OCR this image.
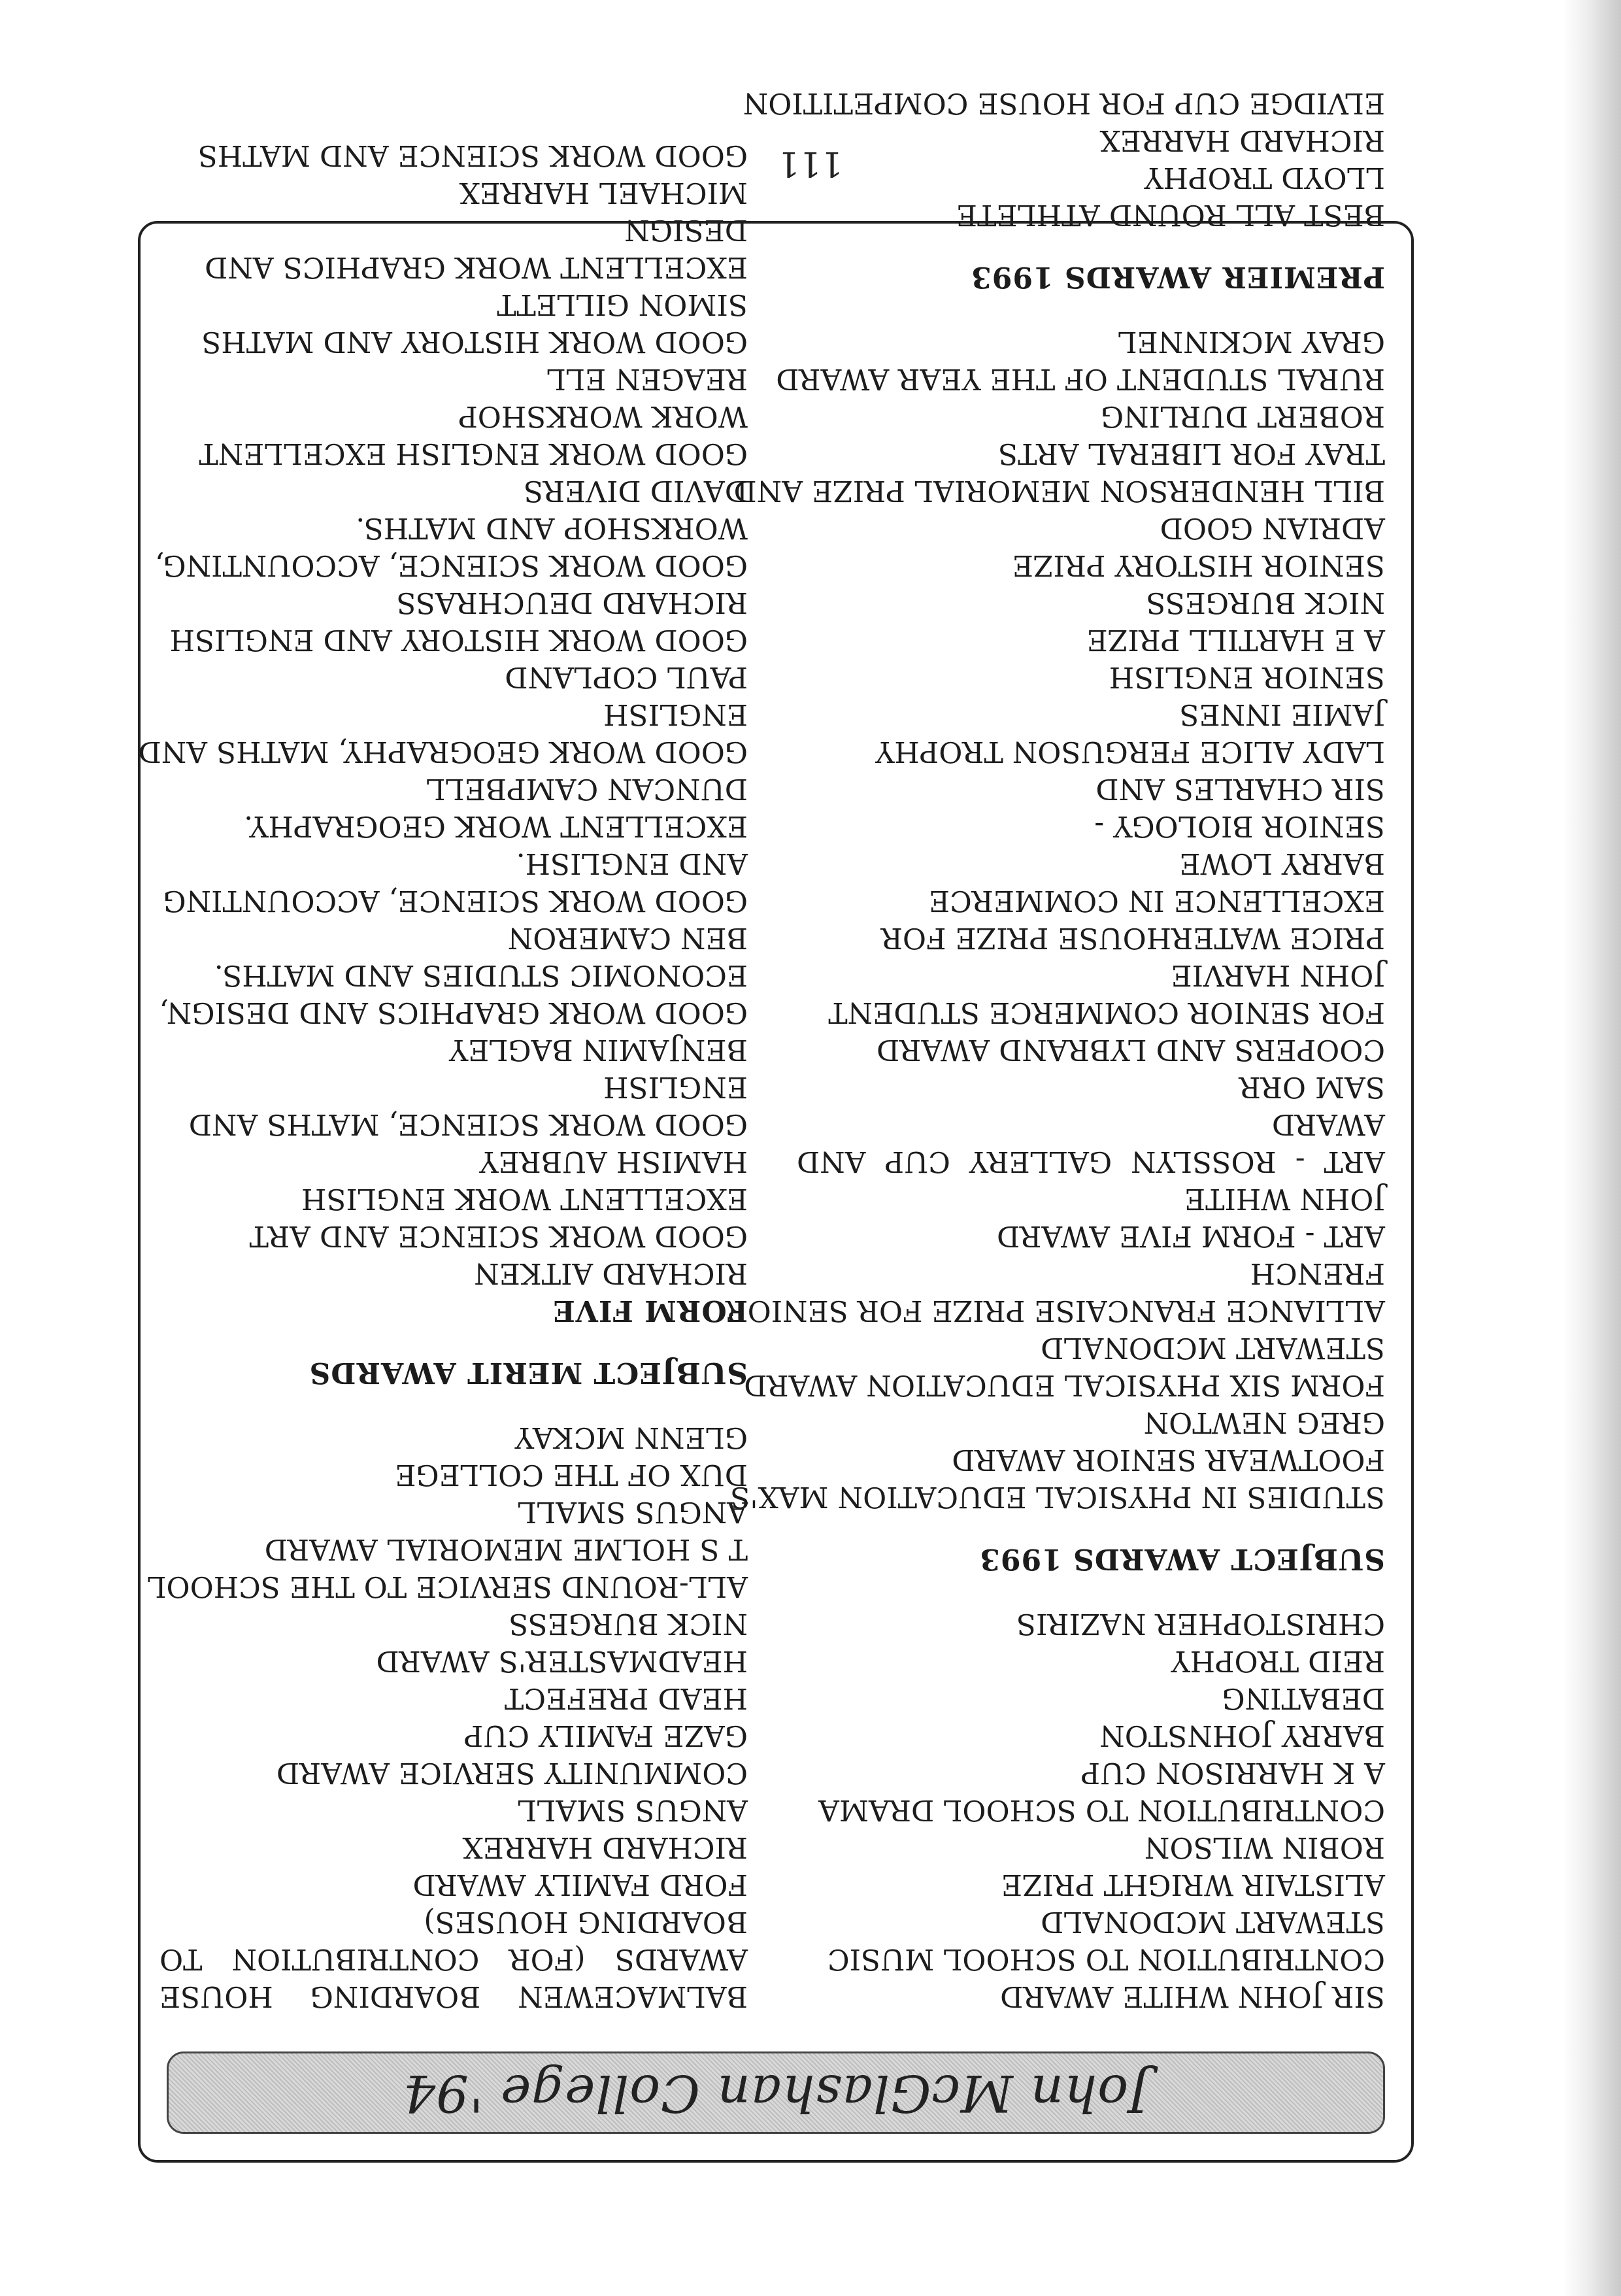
John McGlashan College '94
SIR JOHN WHITE AWARD
CONTRIBUTION TO SCHOOL MUSIC
STEWART MCDONALD
ALISTAIR WRIGHT PRIZE
ROBIN WILSON
CONTRIBUTION TO SCHOOL DRAMA
A K HARRISON CUP
BARRY JOHNSTON
DEBATING
REID TROPHY
CHRISTOPHER NAZIRIS
SUBJECT AWARDS 1993
STUDIES IN PHYSICAL EDUCATION MAX'S
FOOTWEAR SENIOR AWARD
GREG NEWTON
FORM SIX PHYSICAL EDUCATION AWARD
STEWART MCDONALD
ALLIANCE FRANCAISE PRIZE FOR SENIOR
FRENCH
ART - FORM FIVE AWARD
JOHN WHITE
ART - ROSSLYN GALLERY CUP AND
AWARD
SAM ORR
COOPERS AND LYBRAND AWARD
FOR SENIOR COMMERCE STUDENT
JOHN HARVIE
PRICE WATERHOUSE PRIZE FOR
EXCELLENCE IN COMMERCE
BARRY LOWE
SENIOR BIOLOGY -
SIR CHARLES AND
LADY ALICE FERGUSON TROPHY
JAMIE INNES
SENIOR ENGLISH
A E HARTILL PRIZE
NICK BURGESS
SENIOR HISTORY PRIZE
ADRIAN GOOD
BILL HENDERSON MEMORIAL PRIZE AND
TRAY FOR LIBERAL ARTS
ROBERT DURLING
RURAL STUDENT OF THE YEAR AWARD
GRAY MCKINNEL
PREMIER AWARDS 1993
BEST ALL ROUND ATHLETE
LLOYD TROPHY
RICHARD HARREX
ELVIDGE CUP FOR HOUSE COMPETITION
BALMACEWEN BOARDING HOUSE
AWARDS (FOR CONTRIBUTION TO
BOARDING HOUSES)
FORD FAMILY AWARD
RICHARD HARREX
ANGUS SMALL
COMMUNITY SERVICE AWARD
GAZE FAMILY CUP
HEAD PREFECT
HEADMASTER'S AWARD
NICK BURGESS
ALL-ROUND SERVICE TO THE SCHOOL
T S HOLME MEMORIAL AWARD
ANGUS SMALL
DUX OF THE COLLEGE
GLENN MCKAY
SUBJECT MERIT AWARDS
FORM FIVE
RICHARD AITKEN
GOOD WORK SCIENCE AND ART
EXCELLENT WORK ENGLISH
HAMISH AUBREY
GOOD WORK SCIENCE, MATHS AND
ENGLISH
BENJAMIN BAGLEY
GOOD WORK GRAPHICS AND DESIGN,
ECONOMIC STUDIES AND MATHS.
BEN CAMERON
GOOD WORK SCIENCE, ACCOUNTING
AND ENGLISH.
EXCELLENT WORK GEOGRAPHY.
DUNCAN CAMPBELL
GOOD WORK GEOGRAPHY, MATHS AND
ENGLISH
PAUL COPLAND
GOOD WORK HISTORY AND ENGLISH
RICHARD DEUCHRASS
GOOD WORK SCIENCE, ACCOUNTING,
WORKSHOP AND MATHS.
DAVID DIVERS
GOOD WORK ENGLISH EXCELLENT
WORK WORKSHOP
REAGEN ELL
GOOD WORK HISTORY AND MATHS
SIMON GILLETT
EXCELLENT WORK GRAPHICS AND
DESIGN
MICHAEL HARREX
GOOD WORK SCIENCE AND MATHS 111
